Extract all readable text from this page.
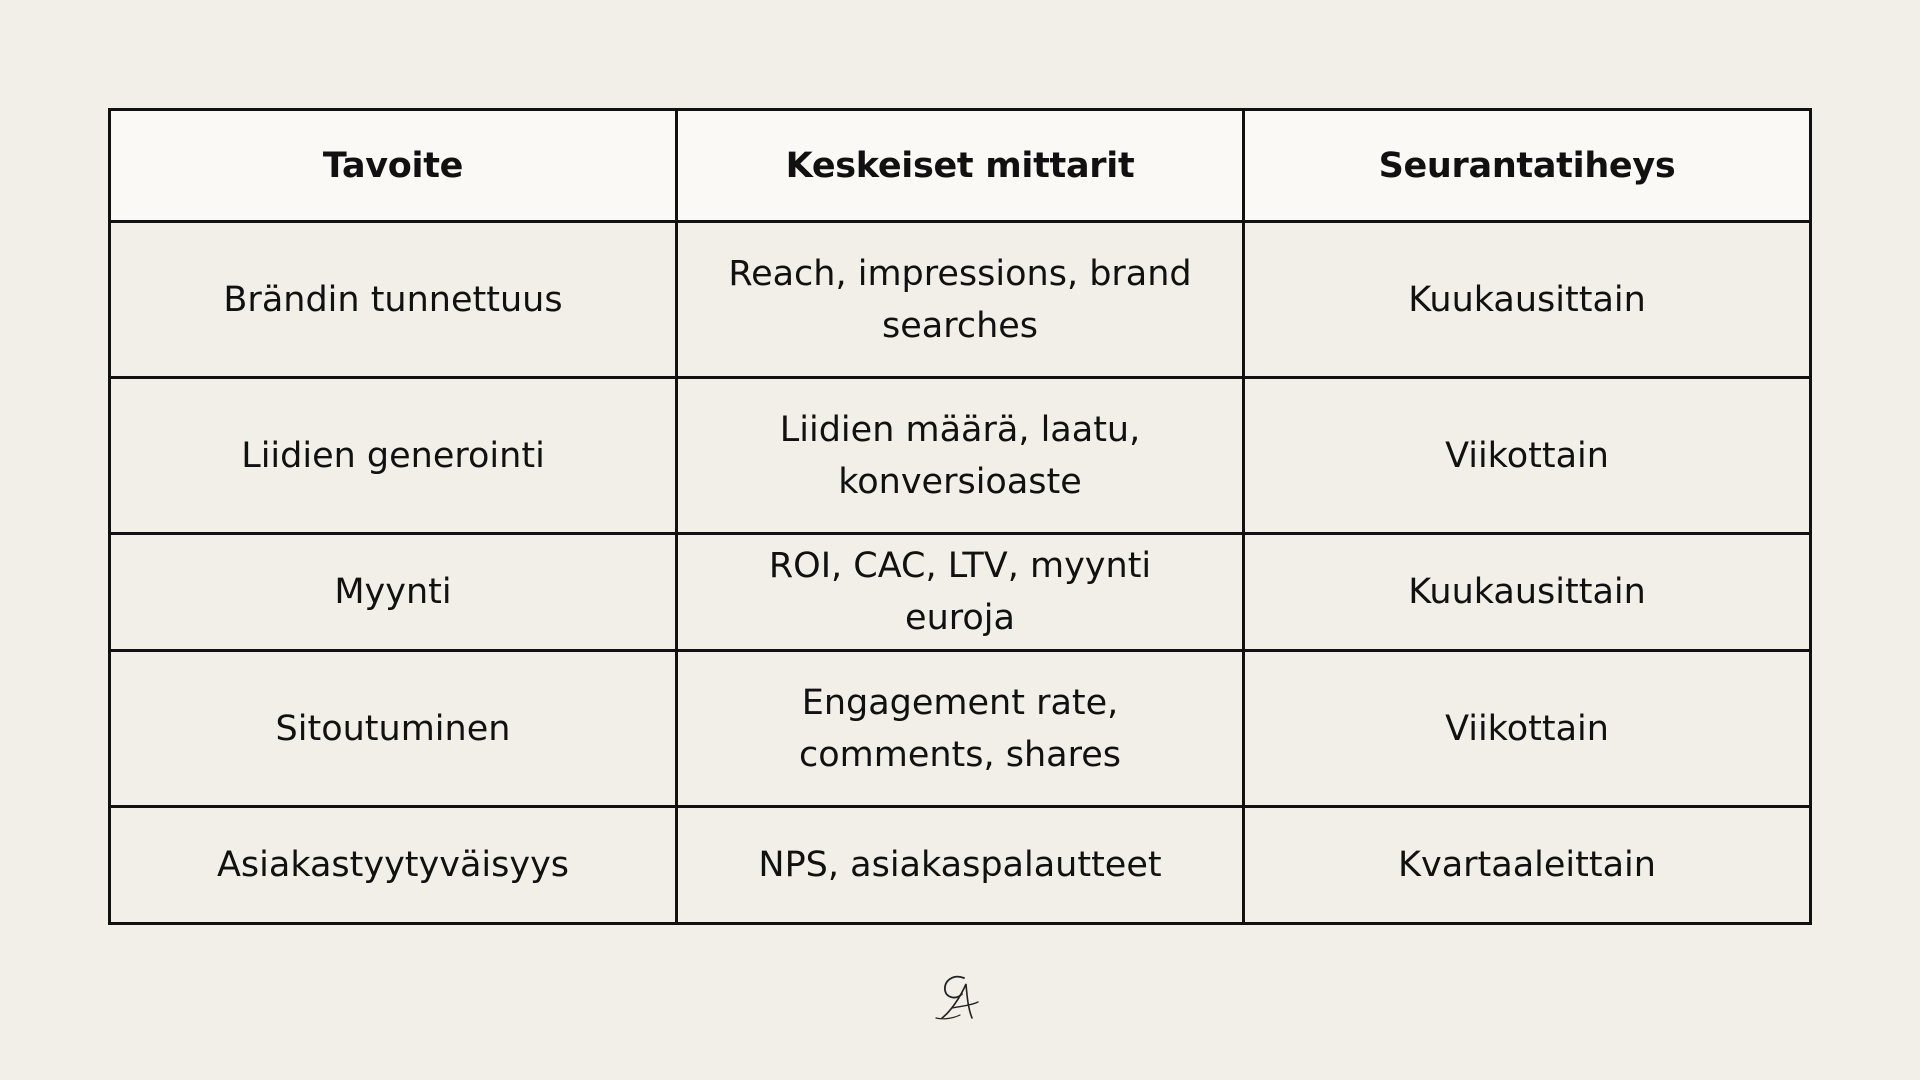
Tavoite	Keskeiset mittarit	Seurantatiheys
Brändin tunnettuus	Reach, impressions, brand searches	Kuukausittain
Liidien generointi	Liidien määrä, laatu, konversioaste	Viikottain
Myynti	ROI, CAC, LTV, myynti euroja	Kuukausittain
Sitoutuminen	Engagement rate, comments, shares	Viikottain
Asiakastyytyväisyys	NPS, asiakaspalautteet	Kvartaaleittain
